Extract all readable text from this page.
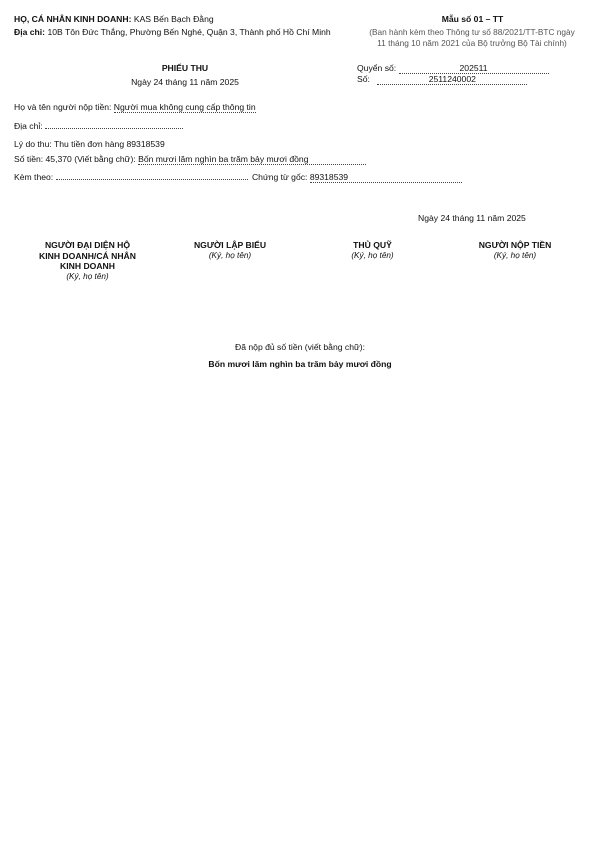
HỌ, CÁ NHÂN KINH DOANH: KAS Bến Bạch Đằng
Địa chỉ: 10B Tôn Đức Thắng, Phường Bến Nghé, Quận 3, Thành phố Hồ Chí Minh
Mẫu số 01 – TT
(Ban hành kèm theo Thông tư số 88/2021/TT-BTC ngày
11 tháng 10 năm 2021 của Bộ trưởng Bộ Tài chính)
PHIẾU THU
Ngày 24 tháng 11 năm 2025
Quyển số:	202511
Số:	2511240002
Họ và tên người nộp tiền: Người mua không cung cấp thông tin
Địa chỉ:
Lý do thu: Thu tiền đơn hàng 89318539
Số tiền: 45,370 (Viết bằng chữ): Bốn mươi lăm nghìn ba trăm bảy mươi đồng
Kèm theo:	Chứng từ gốc: 89318539
Ngày 24 tháng 11 năm 2025
NGƯỜI ĐẠI DIỆN HỘ
KINH DOANH/CÁ NHÂN
KINH DOANH
(Ký, họ tên)
NGƯỜI LẬP BIỂU
(Ký, họ tên)
THỦ QUỸ
(Ký, họ tên)
NGƯỜI NỘP TIỀN
(Ký, họ tên)
Đã nộp đủ số tiền (viết bằng chữ):
Bốn mươi lăm nghìn ba trăm bảy mươi đồng
